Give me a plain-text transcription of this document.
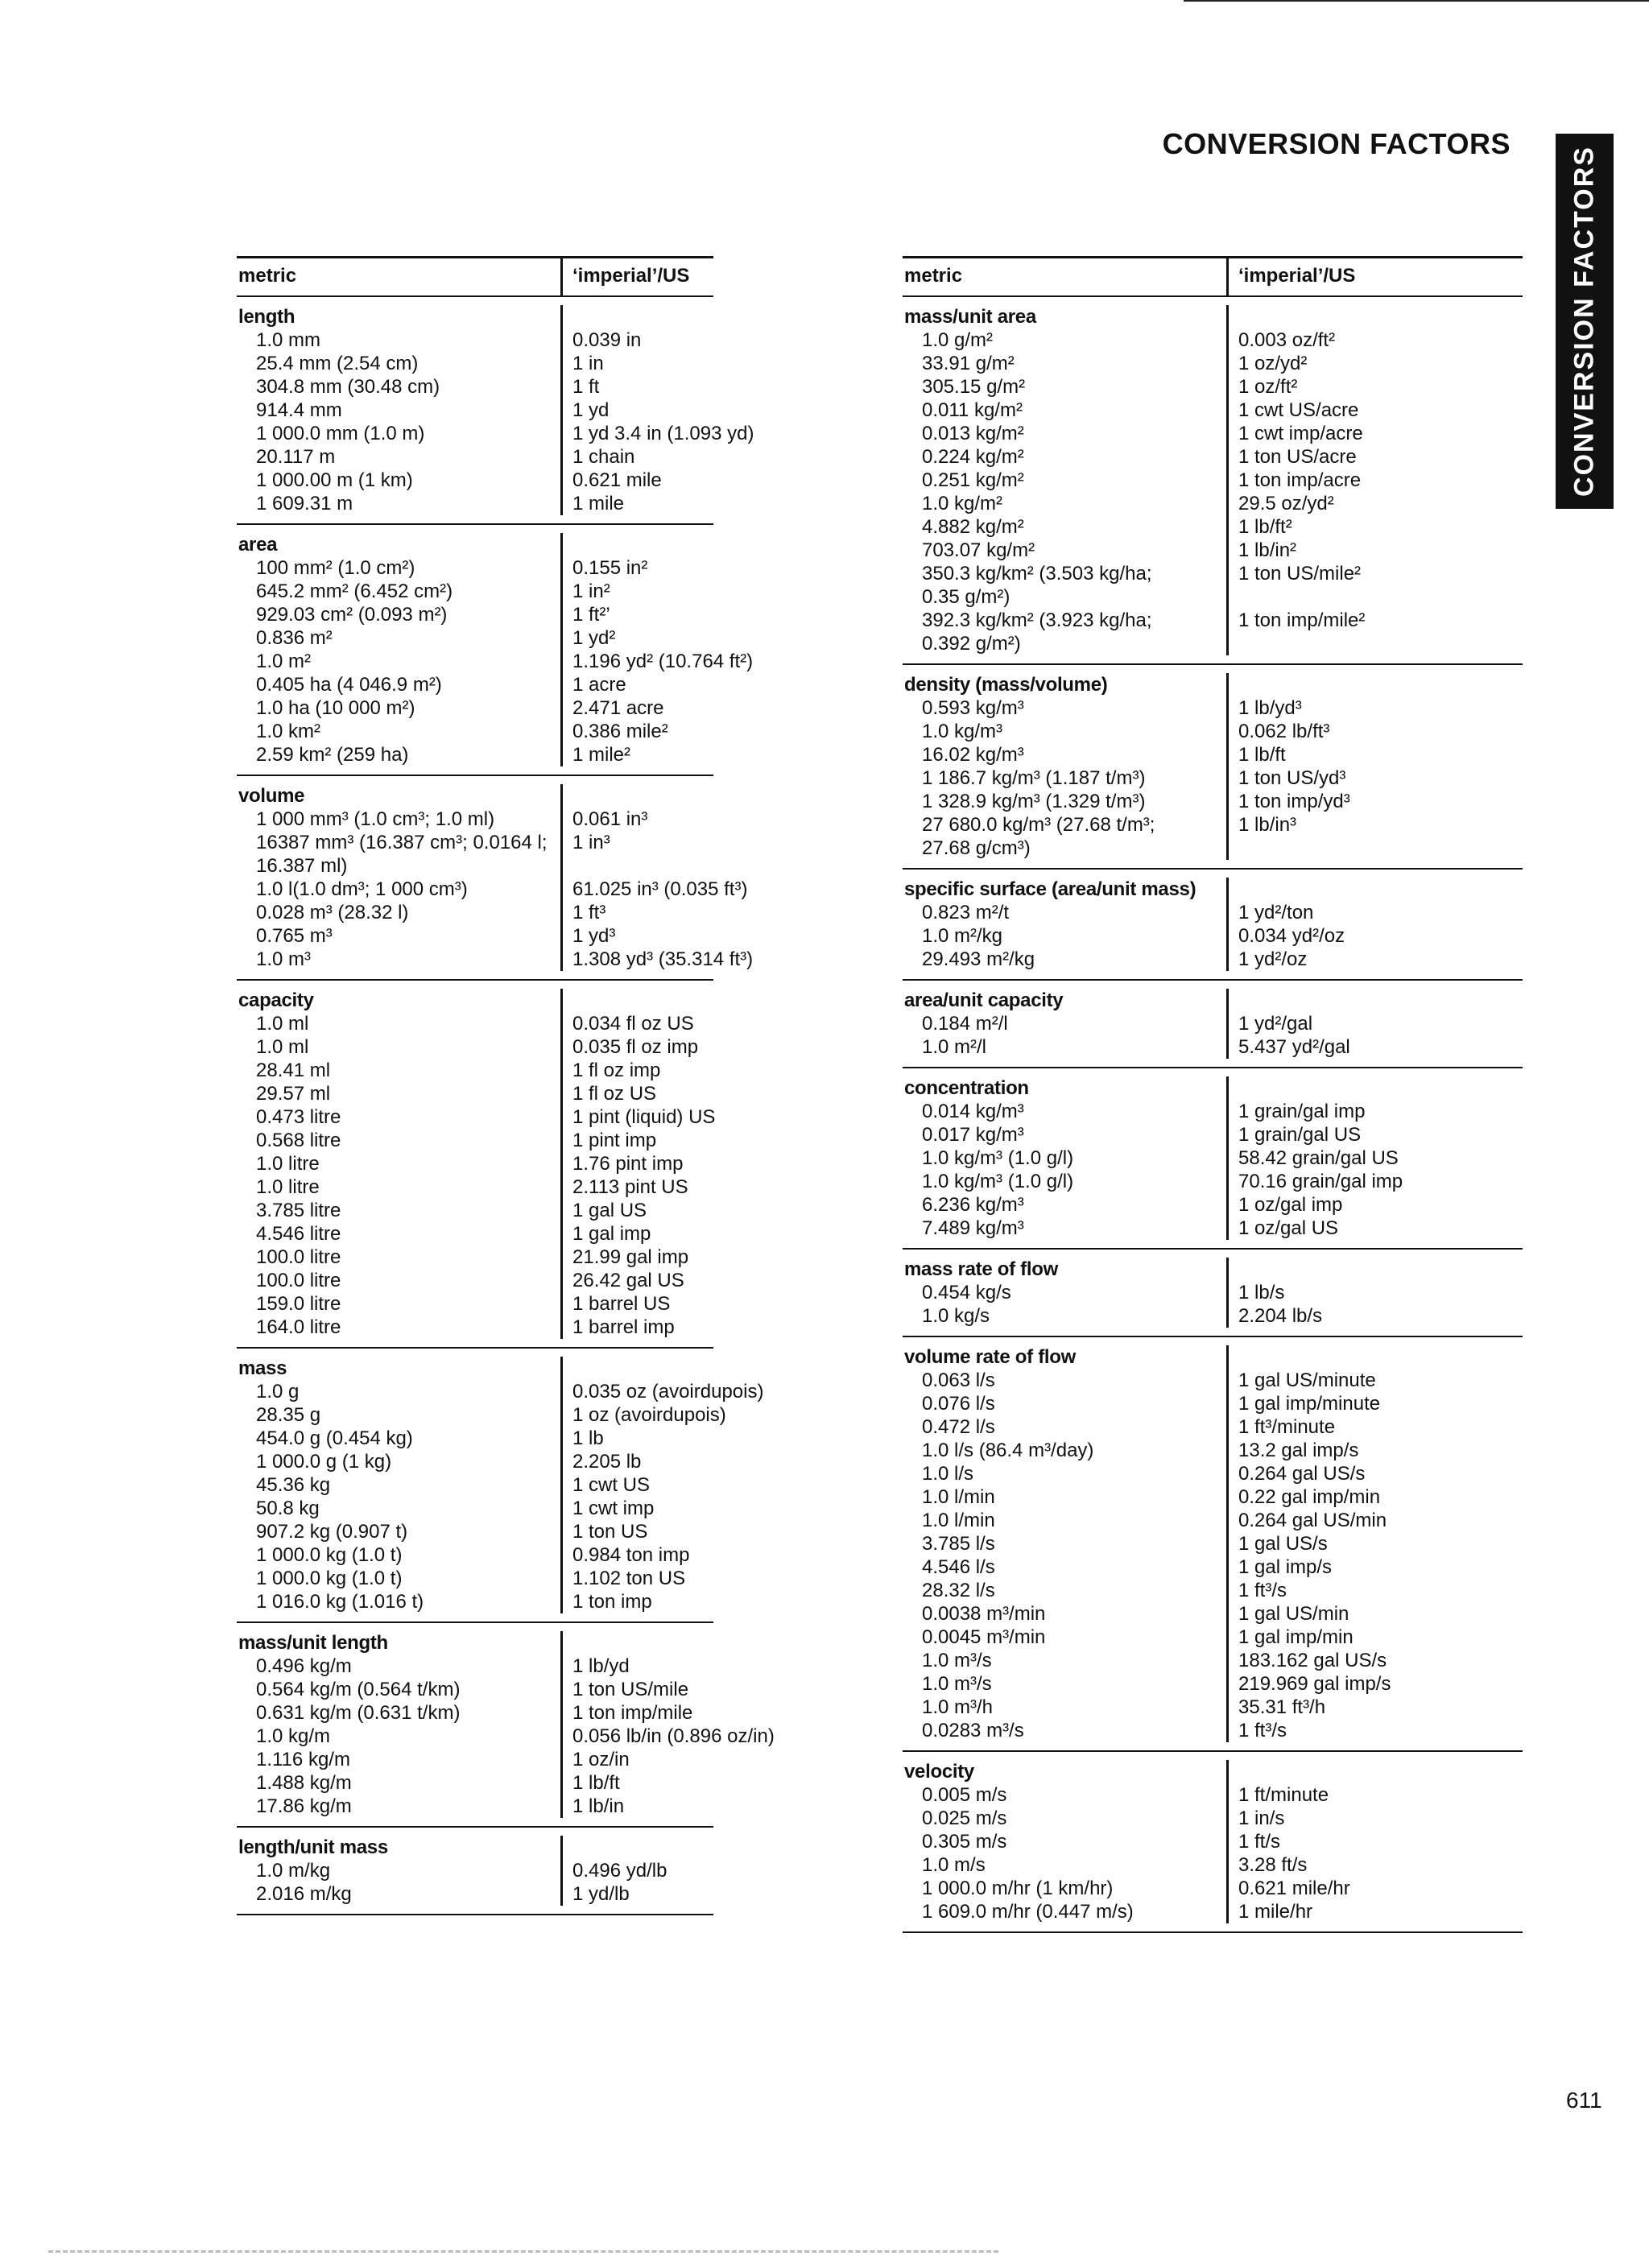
CONVERSION FACTORS
CONVERSION FACTORS
metric	‘imperial’/US
length
1.0 mm	0.039 in
25.4 mm (2.54 cm)	1 in
304.8 mm (30.48 cm)	1 ft
914.4 mm	1 yd
1 000.0 mm (1.0 m)	1 yd 3.4 in (1.093 yd)
20.117 m	1 chain
1 000.00 m (1 km)	0.621 mile
1 609.31 m	1 mile
area
100 mm² (1.0 cm²)	0.155 in²
645.2 mm² (6.452 cm²)	1 in²
929.03 cm² (0.093 m²)	1 ft²’
0.836 m²	1 yd²
1.0 m²	1.196 yd² (10.764 ft²)
0.405 ha (4 046.9 m²)	1 acre
1.0 ha (10 000 m²)	2.471 acre
1.0 km²	0.386 mile²
2.59 km² (259 ha)	1 mile²
volume
1 000 mm³ (1.0 cm³; 1.0 ml)	0.061 in³
16387 mm³ (16.387 cm³; 0.0164 l;	1 in³
16.387 ml)
1.0 l(1.0 dm³; 1 000 cm³)	61.025 in³ (0.035 ft³)
0.028 m³ (28.32 l)	1 ft³
0.765 m³	1 yd³
1.0 m³	1.308 yd³ (35.314 ft³)
capacity
1.0 ml	0.034 fl oz US
1.0 ml	0.035 fl oz imp
28.41 ml	1 fl oz imp
29.57 ml	1 fl oz US
0.473 litre	1 pint (liquid) US
0.568 litre	1 pint imp
1.0 litre	1.76 pint imp
1.0 litre	2.113 pint US
3.785 litre	1 gal US
4.546 litre	1 gal imp
100.0 litre	21.99 gal imp
100.0 litre	26.42 gal US
159.0 litre	1 barrel US
164.0 litre	1 barrel imp
mass
1.0 g	0.035 oz (avoirdupois)
28.35 g	1 oz (avoirdupois)
454.0 g (0.454 kg)	1 lb
1 000.0 g (1 kg)	2.205 lb
45.36 kg	1 cwt US
50.8 kg	1 cwt imp
907.2 kg (0.907 t)	1 ton US
1 000.0 kg (1.0 t)	0.984 ton imp
1 000.0 kg (1.0 t)	1.102 ton US
1 016.0 kg (1.016 t)	1 ton imp
mass/unit length
0.496 kg/m	1 lb/yd
0.564 kg/m (0.564 t/km)	1 ton US/mile
0.631 kg/m (0.631 t/km)	1 ton imp/mile
1.0 kg/m	0.056 lb/in (0.896 oz/in)
1.116 kg/m	1 oz/in
1.488 kg/m	1 lb/ft
17.86 kg/m	1 lb/in
length/unit mass
1.0 m/kg	0.496 yd/lb
2.016 m/kg	1 yd/lb
metric	‘imperial’/US
mass/unit area
1.0 g/m²	0.003 oz/ft²
33.91 g/m²	1 oz/yd²
305.15 g/m²	1 oz/ft²
0.011 kg/m²	1 cwt US/acre
0.013 kg/m²	1 cwt imp/acre
0.224 kg/m²	1 ton US/acre
0.251 kg/m²	1 ton imp/acre
1.0 kg/m²	29.5 oz/yd²
4.882 kg/m²	1 lb/ft²
703.07 kg/m²	1 lb/in²
350.3 kg/km² (3.503 kg/ha;	1 ton US/mile²
0.35 g/m²)
392.3 kg/km² (3.923 kg/ha;	1 ton imp/mile²
0.392 g/m²)
density (mass/volume)
0.593 kg/m³	1 lb/yd³
1.0 kg/m³	0.062 lb/ft³
16.02 kg/m³	1 lb/ft
1 186.7 kg/m³ (1.187 t/m³)	1 ton US/yd³
1 328.9 kg/m³ (1.329 t/m³)	1 ton imp/yd³
27 680.0 kg/m³ (27.68 t/m³;	1 lb/in³
27.68 g/cm³)
specific surface (area/unit mass)
0.823 m²/t	1 yd²/ton
1.0 m²/kg	0.034 yd²/oz
29.493 m²/kg	1 yd²/oz
area/unit capacity
0.184 m²/l	1 yd²/gal
1.0 m²/l	5.437 yd²/gal
concentration
0.014 kg/m³	1 grain/gal imp
0.017 kg/m³	1 grain/gal US
1.0 kg/m³ (1.0 g/l)	58.42 grain/gal US
1.0 kg/m³ (1.0 g/l)	70.16 grain/gal imp
6.236 kg/m³	1 oz/gal imp
7.489 kg/m³	1 oz/gal US
mass rate of flow
0.454 kg/s	1 lb/s
1.0 kg/s	2.204 lb/s
volume rate of flow
0.063 l/s	1 gal US/minute
0.076 l/s	1 gal imp/minute
0.472 l/s	1 ft³/minute
1.0 l/s (86.4 m³/day)	13.2 gal imp/s
1.0 l/s	0.264 gal US/s
1.0 l/min	0.22 gal imp/min
1.0 l/min	0.264 gal US/min
3.785 l/s	1 gal US/s
4.546 l/s	1 gal imp/s
28.32 l/s	1 ft³/s
0.0038 m³/min	1 gal US/min
0.0045 m³/min	1 gal imp/min
1.0 m³/s	183.162 gal US/s
1.0 m³/s	219.969 gal imp/s
1.0 m³/h	35.31 ft³/h
0.0283 m³/s	1 ft³/s
velocity
0.005 m/s	1 ft/minute
0.025 m/s	1 in/s
0.305 m/s	1 ft/s
1.0 m/s	3.28 ft/s
1 000.0 m/hr (1 km/hr)	0.621 mile/hr
1 609.0 m/hr (0.447 m/s)	1 mile/hr
611
